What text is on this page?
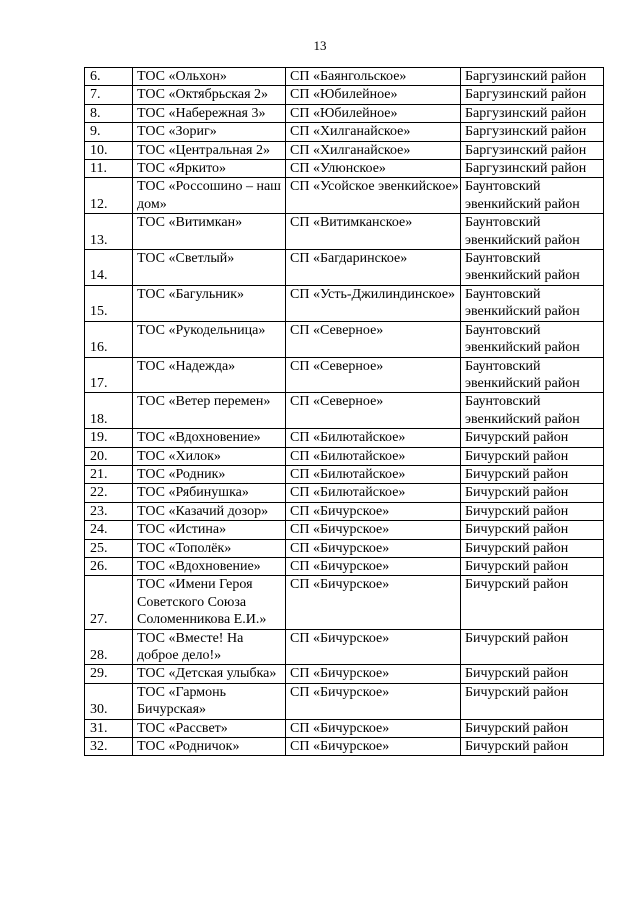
13
6.	ТОС «Ольхон»	СП «Баянгольское»	Баргузинский район
7.	ТОС «Октябрьская 2»	СП «Юбилейное»	Баргузинский район
8.	ТОС «Набережная 3»	СП «Юбилейное»	Баргузинский район
9.	ТОС «Зориг»	СП «Хилганайское»	Баргузинский район
10.	ТОС «Центральная 2»	СП «Хилганайское»	Баргузинский район
11.	ТОС «Яркито»	СП «Улюнское»	Баргузинский район
12.	ТОС «Россошино – наш дом»	СП «Усойское эвенкийское»	Баунтовский эвенкийский район
13.	ТОС «Витимкан»	СП «Витимканское»	Баунтовский эвенкийский район
14.	ТОС «Светлый»	СП «Багдаринское»	Баунтовский эвенкийский район
15.	ТОС «Багульник»	СП «Усть-Джилиндинское»	Баунтовский эвенкийский район
16.	ТОС «Рукодельница»	СП «Северное»	Баунтовский эвенкийский район
17.	ТОС «Надежда»	СП «Северное»	Баунтовский эвенкийский район
18.	ТОС «Ветер перемен»	СП «Северное»	Баунтовский эвенкийский район
19.	ТОС «Вдохновение»	СП «Билютайское»	Бичурский район
20.	ТОС «Хилок»	СП «Билютайское»	Бичурский район
21.	ТОС «Родник»	СП «Билютайское»	Бичурский район
22.	ТОС «Рябинушка»	СП «Билютайское»	Бичурский район
23.	ТОС «Казачий дозор»	СП «Бичурское»	Бичурский район
24.	ТОС «Истина»	СП «Бичурское»	Бичурский район
25.	ТОС «Тополёк»	СП «Бичурское»	Бичурский район
26.	ТОС «Вдохновение»	СП «Бичурское»	Бичурский район
27.	ТОС «Имени Героя Советского Союза Соломенникова Е.И.»	СП «Бичурское»	Бичурский район
28.	ТОС «Вместе! На доброе дело!»	СП «Бичурское»	Бичурский район
29.	ТОС «Детская улыбка»	СП «Бичурское»	Бичурский район
30.	ТОС «Гармонь Бичурская»	СП «Бичурское»	Бичурский район
31.	ТОС «Рассвет»	СП «Бичурское»	Бичурский район
32.	ТОС «Родничок»	СП «Бичурское»	Бичурский район
